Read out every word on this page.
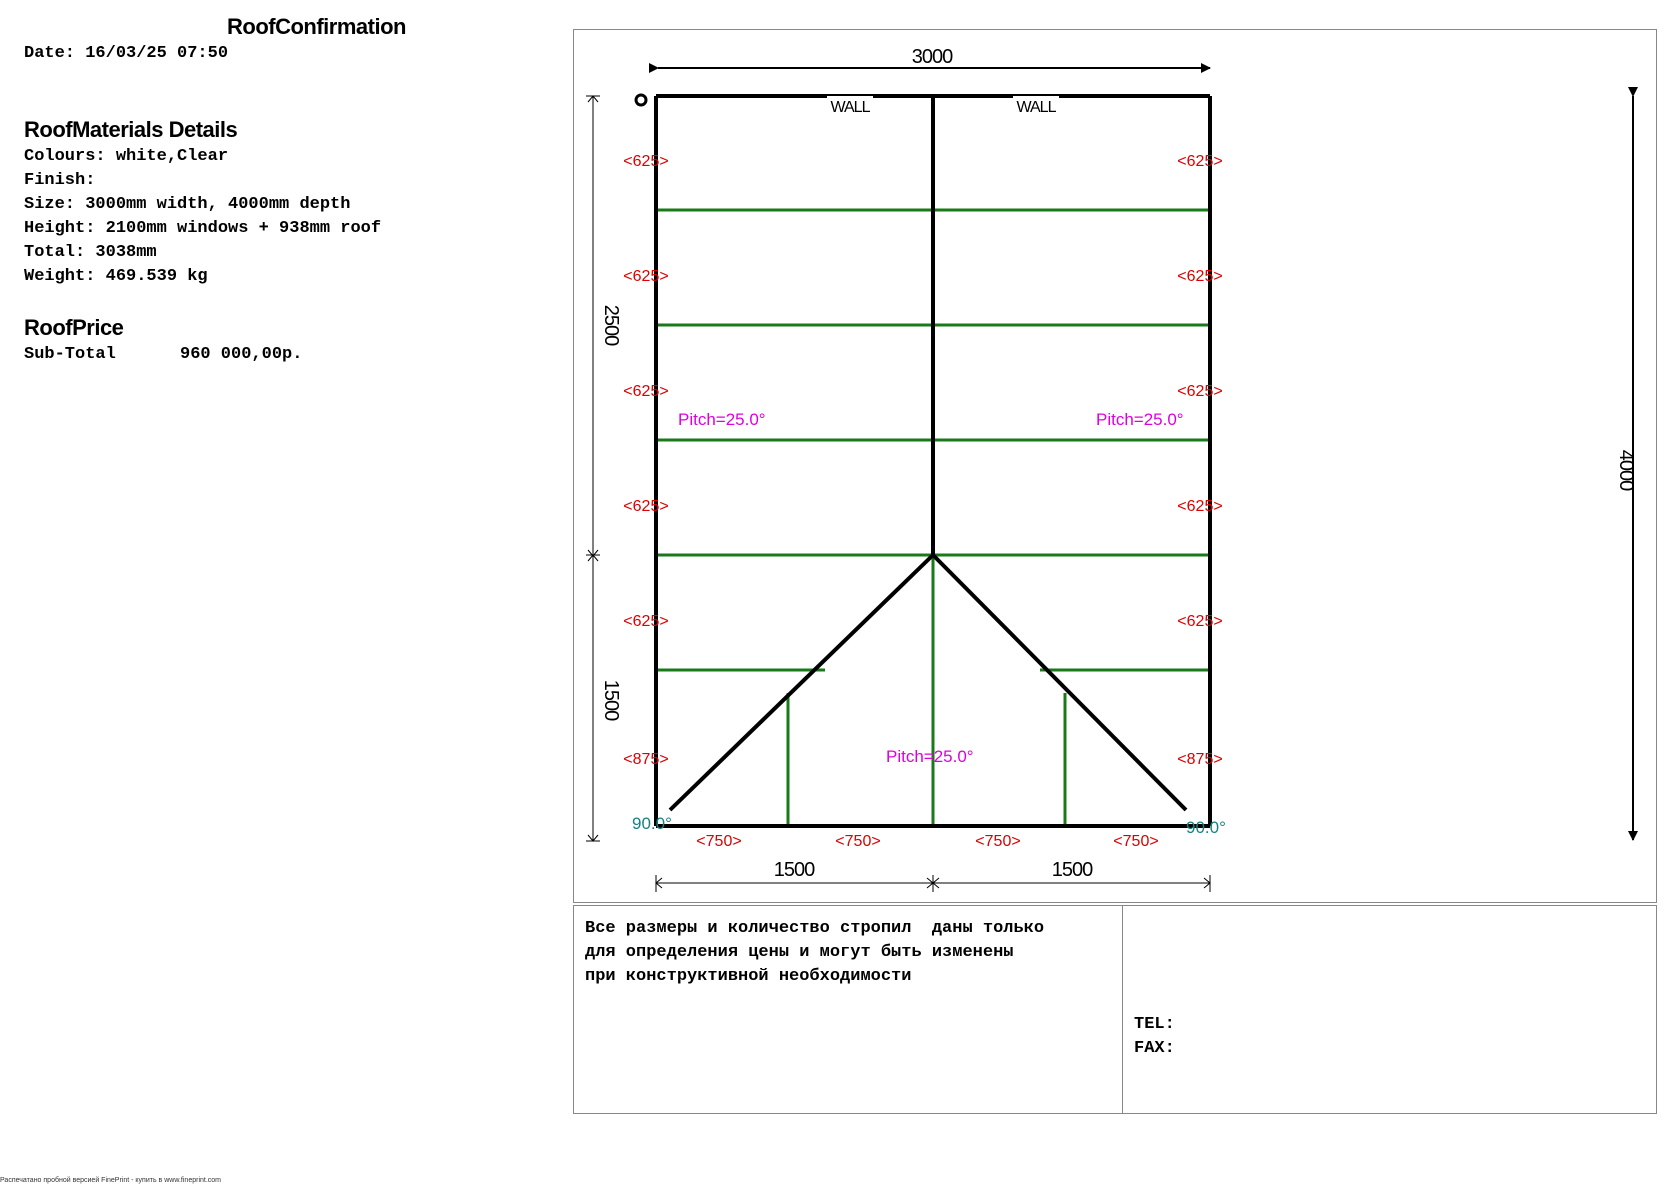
RoofConfirmation
Date: 16/03/25 07:50
RoofMaterials Details
Colours: white,Clear
Finish:
Size: 3000mm width, 4000mm depth
Height: 2100mm windows + 938mm roof
Total: 3038mm
Weight: 469.539 kg
RoofPrice
Sub-Total	960 000,00р.
3000
4000
2500
1500
1500	1500
WALL	WALL
<625>
<625>
<625>
<625>
<625>
<875>
<625>
<625>
<625>
<625>
<625>
<875>
<750>	<750>	<750>	<750>
Pitch=25.0°	Pitch=25.0°
Pitch=25.0°
90.0°	90.0°
Все размеры и количество стропил  даны только
для определения цены и могут быть изменены
при конструктивной необходимости
TEL:
FAX:
Распечатано пробной версией FinePrint - купить в www.fineprint.com
